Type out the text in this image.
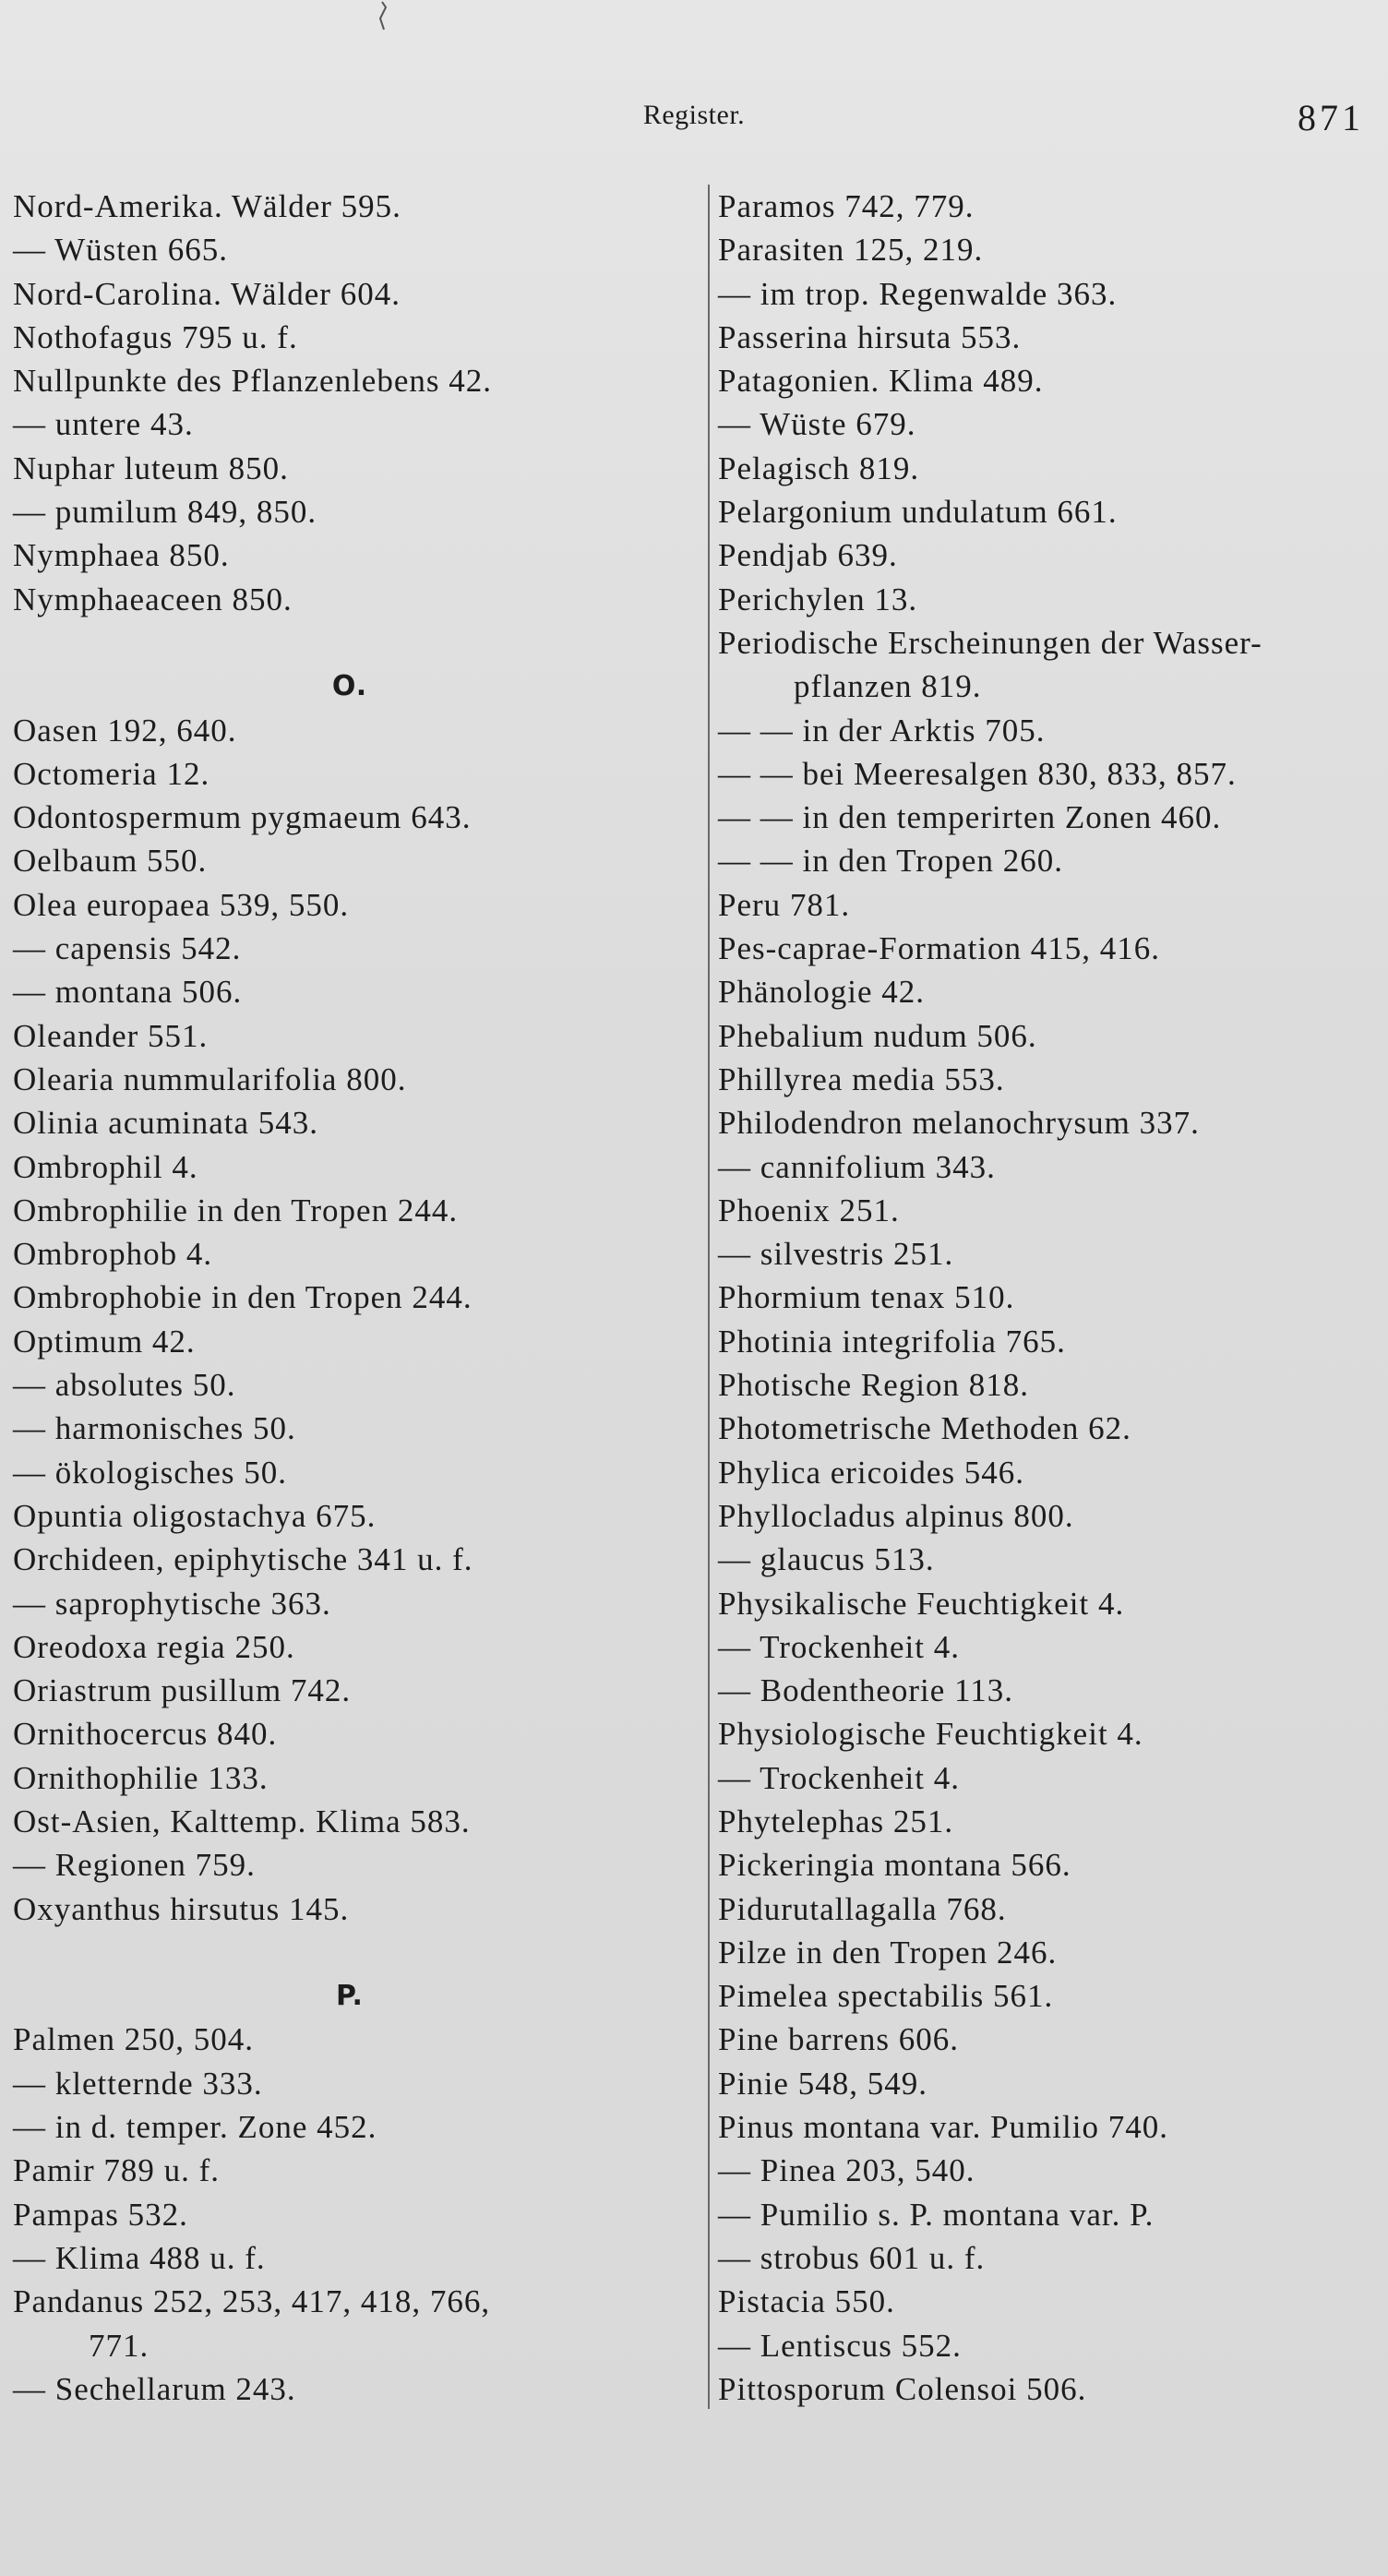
Register.	871
Nord-Amerika. Wälder 595.
— Wüsten 665.
Nord-Carolina. Wälder 604.
Nothofagus 795 u. f.
Nullpunkte des Pflanzenlebens 42.
— untere 43.
Nuphar luteum 850.
— pumilum 849, 850.
Nymphaea 850.
Nymphaeaceen 850.
O.
Oasen 192, 640.
Octomeria 12.
Odontospermum pygmaeum 643.
Oelbaum 550.
Olea europaea 539, 550.
— capensis 542.
— montana 506.
Oleander 551.
Olearia nummularifolia 800.
Olinia acuminata 543.
Ombrophil 4.
Ombrophilie in den Tropen 244.
Ombrophob 4.
Ombrophobie in den Tropen 244.
Optimum 42.
— absolutes 50.
— harmonisches 50.
— ökologisches 50.
Opuntia oligostachya 675.
Orchideen, epiphytische 341 u. f.
— saprophytische 363.
Oreodoxa regia 250.
Oriastrum pusillum 742.
Ornithocercus 840.
Ornithophilie 133.
Ost-Asien, Kalttemp. Klima 583.
— Regionen 759.
Oxyanthus hirsutus 145.
P.
Palmen 250, 504.
— kletternde 333.
— in d. temper. Zone 452.
Pamir 789 u. f.
Pampas 532.
— Klima 488 u. f.
Pandanus 252, 253, 417, 418, 766,
771.
— Sechellarum 243.
Paramos 742, 779.
Parasiten 125, 219.
— im trop. Regenwalde 363.
Passerina hirsuta 553.
Patagonien. Klima 489.
— Wüste 679.
Pelagisch 819.
Pelargonium undulatum 661.
Pendjab 639.
Perichylen 13.
Periodische Erscheinungen der Wasser-
pflanzen 819.
— — in der Arktis 705.
— — bei Meeresalgen 830, 833, 857.
— — in den temperirten Zonen 460.
— — in den Tropen 260.
Peru 781.
Pes-caprae-Formation 415, 416.
Phänologie 42.
Phebalium nudum 506.
Phillyrea media 553.
Philodendron melanochrysum 337.
— cannifolium 343.
Phoenix 251.
— silvestris 251.
Phormium tenax 510.
Photinia integrifolia 765.
Photische Region 818.
Photometrische Methoden 62.
Phylica ericoides 546.
Phyllocladus alpinus 800.
— glaucus 513.
Physikalische Feuchtigkeit 4.
— Trockenheit 4.
— Bodentheorie 113.
Physiologische Feuchtigkeit 4.
— Trockenheit 4.
Phytelephas 251.
Pickeringia montana 566.
Pidurutallagalla 768.
Pilze in den Tropen 246.
Pimelea spectabilis 561.
Pine barrens 606.
Pinie 548, 549.
Pinus montana var. Pumilio 740.
— Pinea 203, 540.
— Pumilio s. P. montana var. P.
— strobus 601 u. f.
Pistacia 550.
— Lentiscus 552.
Pittosporum Colensoi 506.
